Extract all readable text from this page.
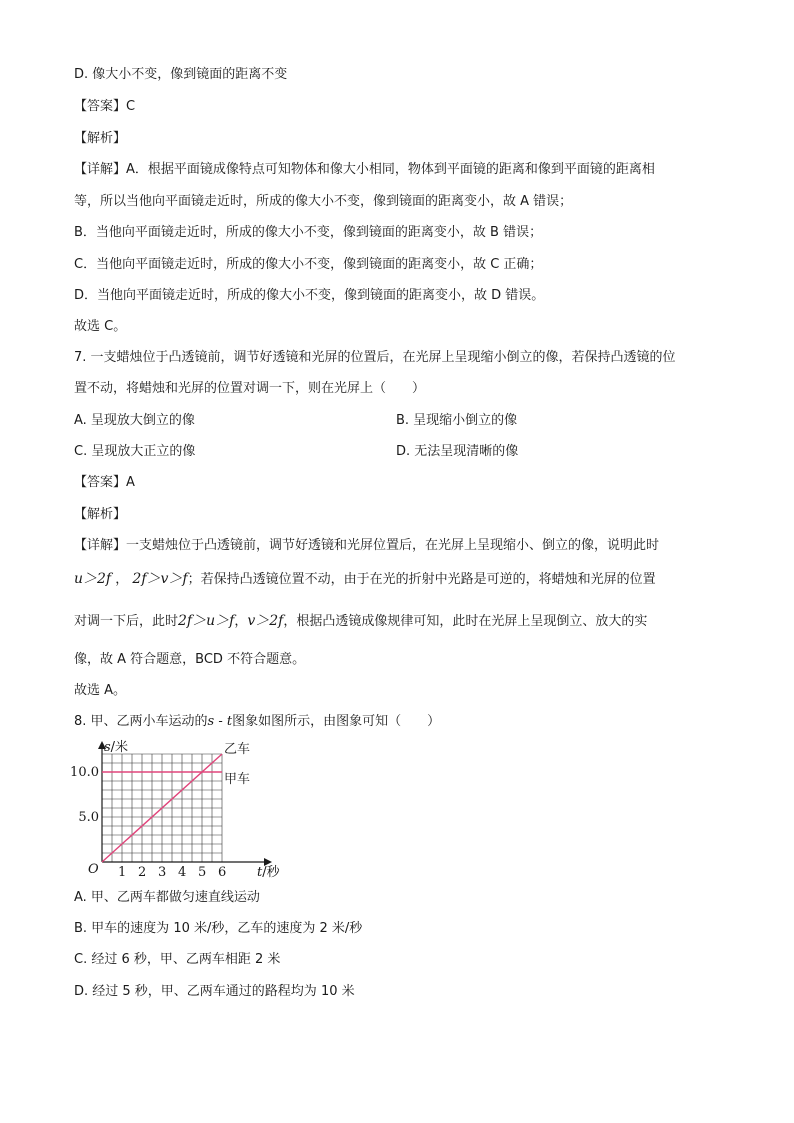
D. 像大小不变，像到镜面的距离不变
【答案】C
【解析】
【详解】A．根据平面镜成像特点可知物体和像大小相同，物体到平面镜的距离和像到平面镜的距离相
等，所以当他向平面镜走近时，所成的像大小不变，像到镜面的距离变小，故 A 错误；
B．当他向平面镜走近时，所成的像大小不变，像到镜面的距离变小，故 B 错误；
C．当他向平面镜走近时，所成的像大小不变，像到镜面的距离变小，故 C 正确；
D．当他向平面镜走近时，所成的像大小不变，像到镜面的距离变小，故 D 错误。
故选 C。
7. 一支蜡烛位于凸透镜前，调节好透镜和光屏的位置后，在光屏上呈现缩小倒立的像，若保持凸透镜的位
置不动，将蜡烛和光屏的位置对调一下，则在光屏上（　　）
A. 呈现放大倒立的像	B. 呈现缩小倒立的像
C. 呈现放大正立的像	D. 无法呈现清晰的像
【答案】A
【解析】
【详解】一支蜡烛位于凸透镜前，调节好透镜和光屏位置后，在光屏上呈现缩小、倒立的像，说明此时
u＞2f ， 2f＞v＞f；若保持凸透镜位置不动，由于在光的折射中光路是可逆的，将蜡烛和光屏的位置
对调一下后，此时2f＞u＞f，v＞2f，根据凸透镜成像规律可知，此时在光屏上呈现倒立、放大的实
像，故 A 符合题意，BCD 不符合题意。
故选 A。
8. 甲、乙两小车运动的s - t图象如图所示，由图象可知（　　）
s/米
t/秒
O 1 2 3 4 5 6
5.0
10.0
乙车
甲车
A. 甲、乙两车都做匀速直线运动
B. 甲车的速度为 10 米/秒，乙车的速度为 2 米/秒
C. 经过 6 秒，甲、乙两车相距 2 米
D. 经过 5 秒，甲、乙两车通过的路程均为 10 米
